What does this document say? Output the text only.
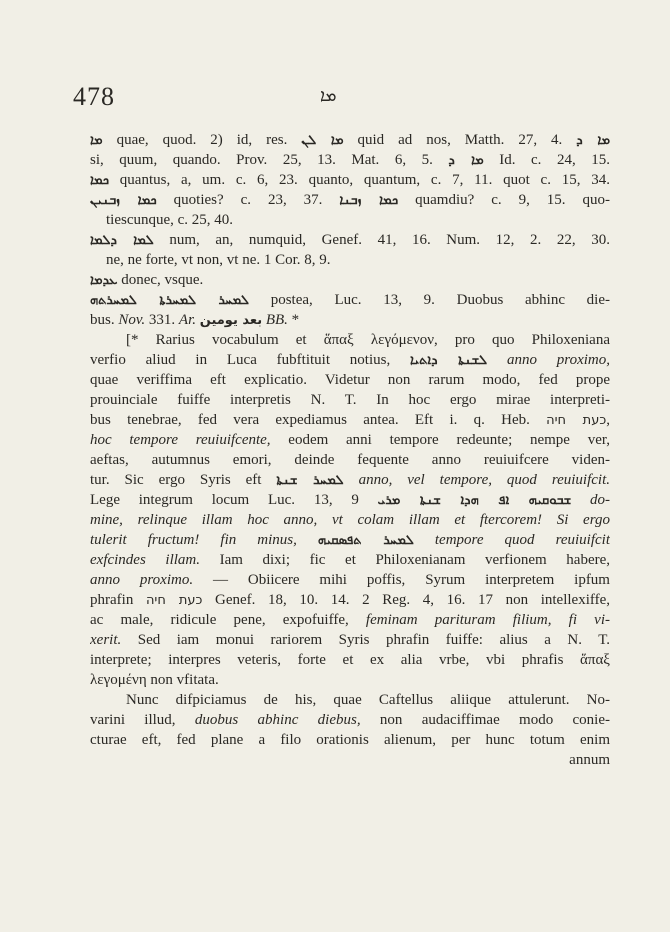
478	ܡܐ
ܡܐ quae, quod. 2) id, res. ܡܐ ܠܢ quid ad nos, Matth. 27, 4. ܡܐ ܕ
si, quum, quando. Prov. 25, 13. Mat. 6, 5. ܡܐ ܕ Id. c. 24, 15.
ܟܡܐ quantus, a, um. c. 6, 23. quanto, quantum, c. 7, 11. quot c. 15, 34.
ܟܡܐ ܙܒܢܝܢ quoties? c. 23, 37. ܟܡܐ ܙܒܢܐ quamdiu? c. 9, 15. quo-
tiescunque, c. 25, 40.
ܠܡܐ ܕܠܡܐ num, an, numquid, Genef. 41, 16. Num. 12, 2. 22, 30.
ne, ne forte, vt non, vt ne. 1 Cor. 8, 9.
ܥܕܡܐ donec, vsque.
ܠܡܚܪ ܠܡܚܪܬܐ ܠܡܚܪܬܗ postea, Luc. 13, 9. Duobus abhinc die-
bus. Nov. 331. Ar. بعد يومين BB. *
[* Rarius vocabulum et ἅπαξ λεγόμενον, pro quo Philoxeniana
verfio aliud in Luca fubftituit notius, ܠܫܢܬܐ ܕܐܬܝܐ anno proximo,
quae veriffima eft explicatio. Videtur non rarum modo, fed prope
prouinciale fuiffe interpretis N. T. In hoc ergo mirae interpreti-
bus tenebrae, fed vera expediamus antea. Eft i. q. Heb. כעת חיה,
hoc tempore reuiuifcente, eodem anni tempore redeunte; nempe ver,
aeftas, autumnus emori, deinde fequente anno reuiuifcere viden-
tur. Sic ergo Syris eft ܠܡܚܪ ܫܢܬܐ anno, vel tempore, quod reuiuifcit.
Lege integrum locum Luc. 13, 9 ܫܒܘܩܝܗ ܐܦ ܗܕܐ ܫܢܬܐ ܡܪܝ do-
mine, relinque illam hoc anno, vt colam illam et ftercorem! Si ergo
tulerit fructum! fin minus, ܠܡܚܪ ܬܦܣܩܝܗ tempore quod reuiuifcit
exfcindes illam. Iam dixi; fic et Philoxenianam verfionem habere,
anno proximo. — Obiicere mihi poffis, Syrum interpretem ipfum
phrafin כעת חיה Genef. 18, 10. 14. 2 Reg. 4, 16. 17 non intellexiffe,
ac male, ridicule pene, expofuiffe, feminam parituram filium, fi vi-
xerit. Sed iam monui rariorem Syris phrafin fuiffe: alius a N. T.
interprete; interpres veteris, forte et ex alia vrbe, vbi phrafis ἅπαξ
λεγομένη non vfitata.
Nunc difpiciamus de his, quae Caftellus aliique attulerunt. No-
varini illud, duobus abhinc diebus, non audaciffimae modo conie-
cturae eft, fed plane a filo orationis alienum, per hunc totum enim
annum
